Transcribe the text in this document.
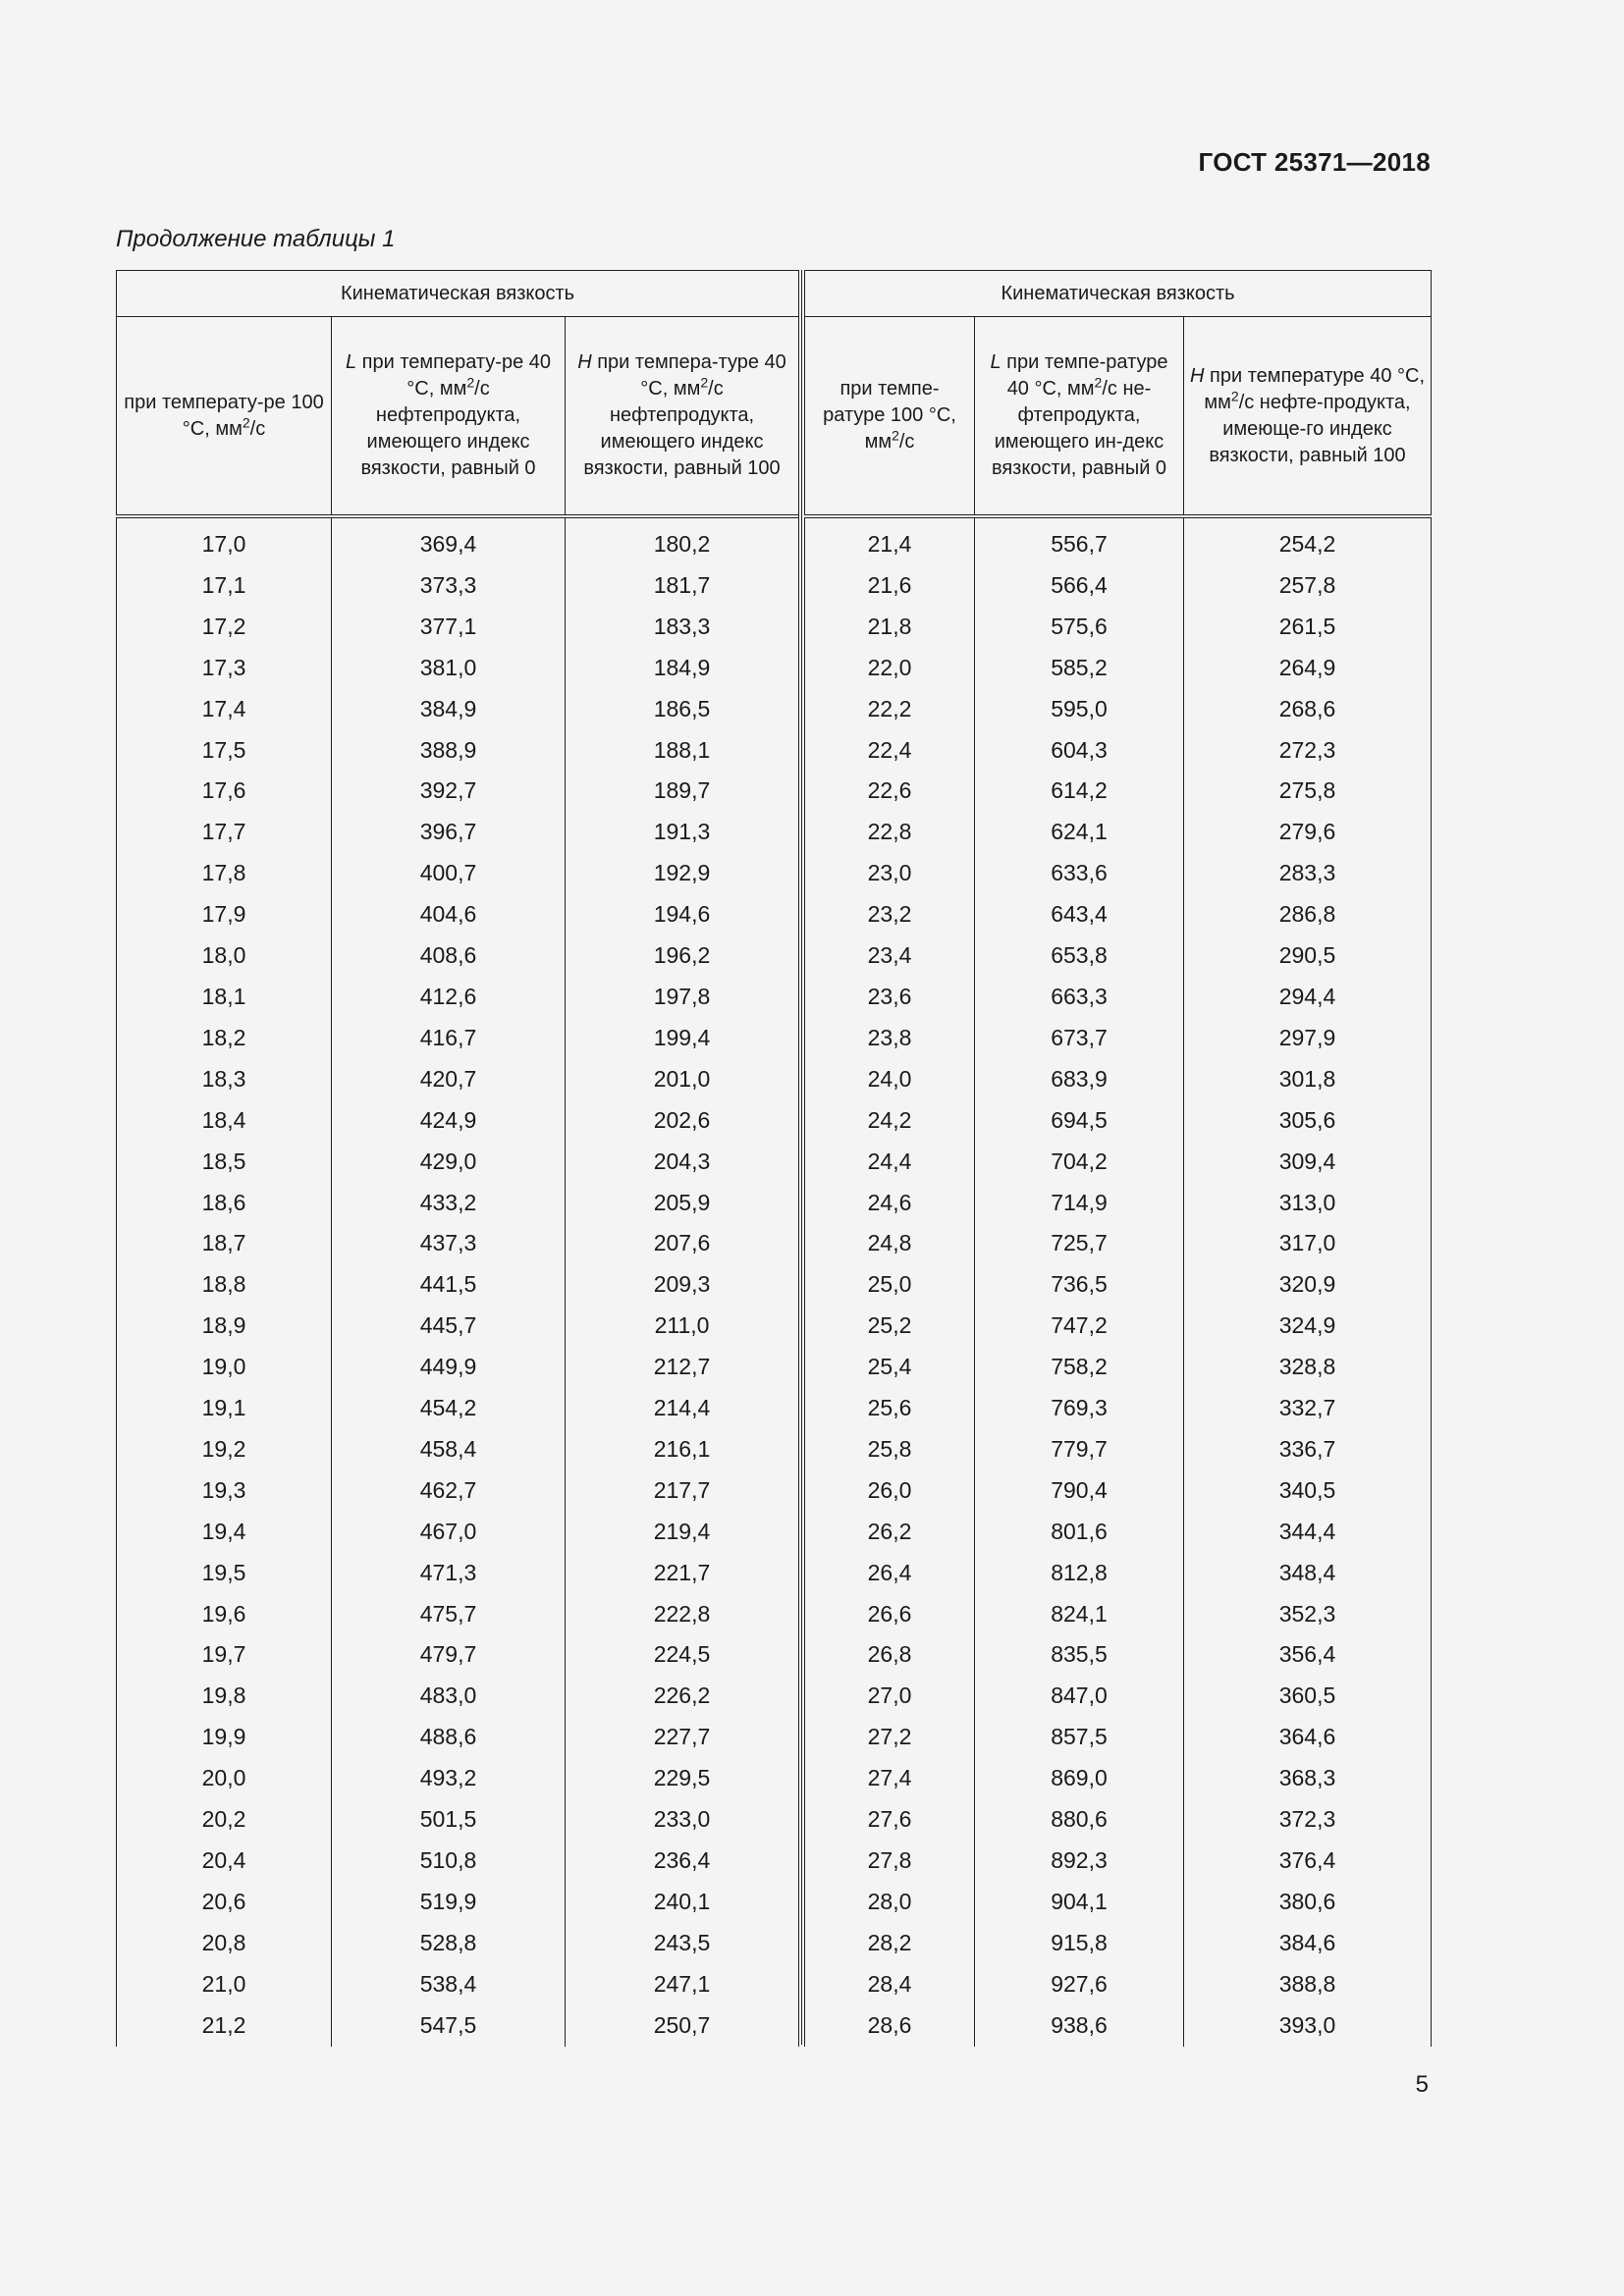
ГОСТ 25371—2018
Продолжение таблицы 1
Кинематическая вязкость		
при температу-ре 100 °С, $мм^2/с$	L при температу-ре 40 °С, $мм^2/с$ нефтепродукта, имеющего индекс вязкости, равный 0	H при темпера-туре 40 °С, $мм^2/с$ нефтепродукта, имеющего индекс вязкости, равный 100
17,0	369,4	180,2
17,1	373,3	181,7
17,2	377,1	183,3
17,3	381,0	184,9
17,4	384,9	186,5
17,5	388,9	188,1
17,6	392,7	189,7
17,7	396,7	191,3
17,8	400,7	192,9
17,9	404,6	194,6
18,0	408,6	196,2
18,1	412,6	197,8
18,2	416,7	199,4
18,3	420,7	201,0
18,4	424,9	202,6
18,5	429,0	204,3
18,6	433,2	205,9
18,7	437,3	207,6
18,8	441,5	209,3
18,9	445,7	211,0
19,0	449,9	212,7
19,1	454,2	214,4
19,2	458,4	216,1
19,3	462,7	217,7
19,4	467,0	219,4
19,5	471,3	221,7
19,6	475,7	222,8
19,7	479,7	224,5
19,8	483,0	226,2
19,9	488,6	227,7
20,0	493,2	229,5
20,2	501,5	233,0
20,4	510,8	236,4
20,6	519,9	240,1
20,8	528,8	243,5
21,0	538,4	247,1
21,2	547,5	250,7
Кинематическая вязкость		
при темпе-ратуре 100 °С, $мм^2/с$	L при темпе-ратуре 40 °С, $мм^2/с$ не-фтепродукта, имеющего ин-декс вязкости, равный 0	H при температуре 40 °С, $мм^2/с$ нефте-продукта, имеюще-го индекс вязкости, равный 100
21,4	556,7	254,2
21,6	566,4	257,8
21,8	575,6	261,5
22,0	585,2	264,9
22,2	595,0	268,6
22,4	604,3	272,3
22,6	614,2	275,8
22,8	624,1	279,6
23,0	633,6	283,3
23,2	643,4	286,8
23,4	653,8	290,5
23,6	663,3	294,4
23,8	673,7	297,9
24,0	683,9	301,8
24,2	694,5	305,6
24,4	704,2	309,4
24,6	714,9	313,0
24,8	725,7	317,0
25,0	736,5	320,9
25,2	747,2	324,9
25,4	758,2	328,8
25,6	769,3	332,7
25,8	779,7	336,7
26,0	790,4	340,5
26,2	801,6	344,4
26,4	812,8	348,4
26,6	824,1	352,3
26,8	835,5	356,4
27,0	847,0	360,5
27,2	857,5	364,6
27,4	869,0	368,3
27,6	880,6	372,3
27,8	892,3	376,4
28,0	904,1	380,6
28,2	915,8	384,6
28,4	927,6	388,8
28,6	938,6	393,0
5
